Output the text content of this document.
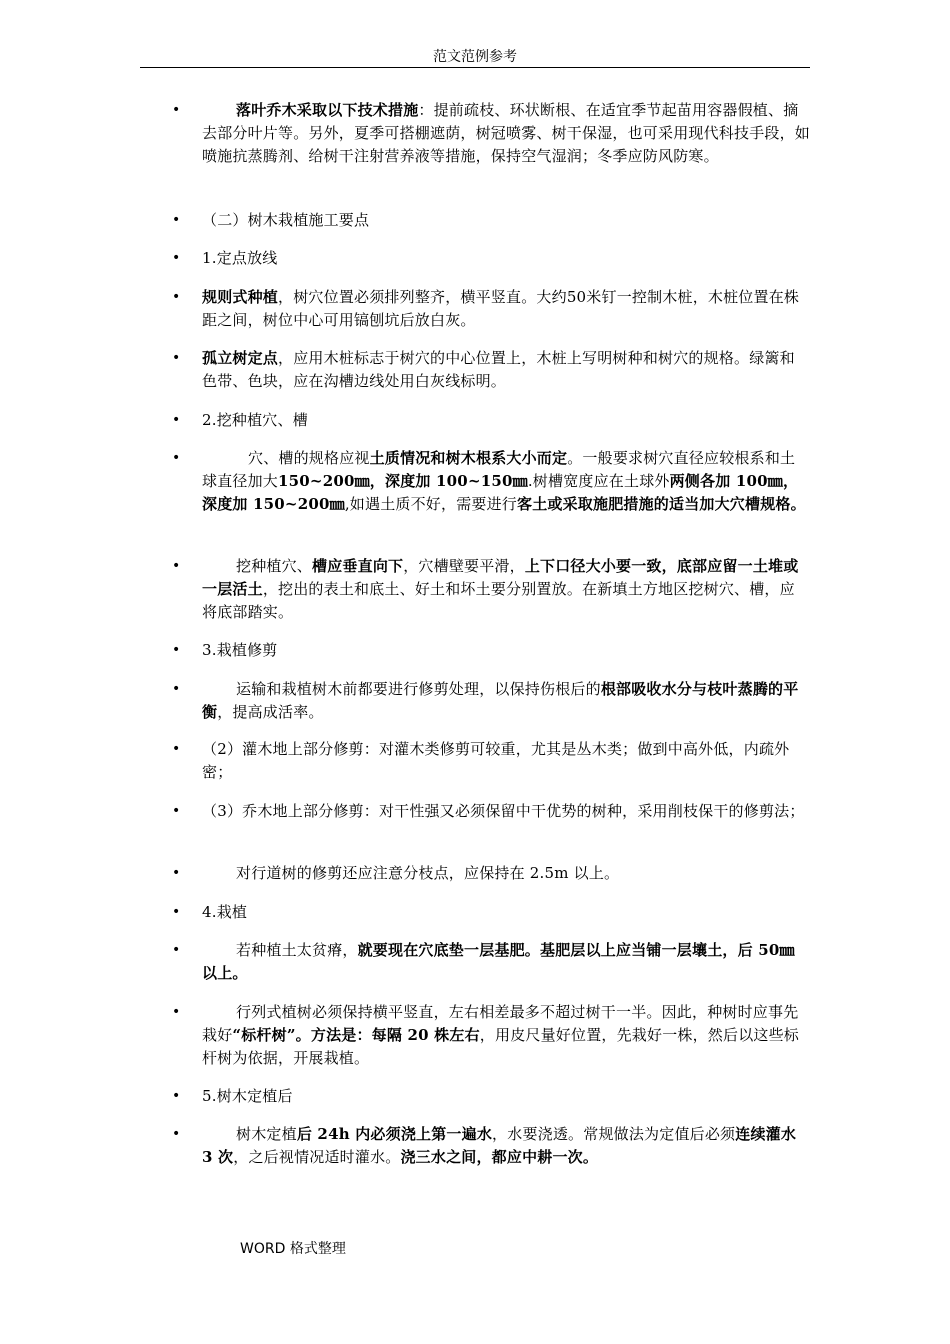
范文范例参考
•	落叶乔木采取以下技术措施：提前疏枝、环状断根、在适宜季节起苗用容器假植、摘去部分叶片等。另外，夏季可搭棚遮荫，树冠喷雾、树干保湿，也可采用现代科技手段，如喷施抗蒸腾剂、给树干注射营养液等措施，保持空气湿润；冬季应防风防寒。
• （二）树木栽植施工要点
• 1.定点放线
• 规则式种植，树穴位置必须排列整齐，横平竖直。大约50米钉一控制木桩，木桩位置在株距之间，树位中心可用镐刨坑后放白灰。
• 孤立树定点，应用木桩标志于树穴的中心位置上，木桩上写明树种和树穴的规格。绿篱和色带、色块，应在沟槽边线处用白灰线标明。
• 2.挖种植穴、槽
•	穴、槽的规格应视土质情况和树木根系大小而定。一般要求树穴直径应较根系和土球直径加大150~200㎜，深度加 100~150㎜.树槽宽度应在土球外两侧各加 100㎜，深度加 150~200㎜,如遇土质不好，需要进行客土或采取施肥措施的适当加大穴槽规格。
•	挖种植穴、槽应垂直向下，穴槽壁要平滑，上下口径大小要一致，底部应留一土堆或一层活土，挖出的表土和底土、好土和坏土要分别置放。在新填土方地区挖树穴、槽，应将底部踏实。
• 3.栽植修剪
•	运输和栽植树木前都要进行修剪处理，以保持伤根后的根部吸收水分与枝叶蒸腾的平衡，提高成活率。
• （2）灌木地上部分修剪：对灌木类修剪可较重，尤其是丛木类；做到中高外低，内疏外密；
• （3）乔木地上部分修剪：对干性强又必须保留中干优势的树种，采用削枝保干的修剪法；
•	对行道树的修剪还应注意分枝点，应保持在 2.5m 以上。
• 4.栽植
•	若种植土太贫瘠，就要现在穴底垫一层基肥。基肥层以上应当铺一层壤土，后 50㎜ 以上。
•	行列式植树必须保持横平竖直，左右相差最多不超过树干一半。因此，种树时应事先栽好“标杆树”。方法是：每隔 20 株左右，用皮尺量好位置，先栽好一株，然后以这些标杆树为依据，开展栽植。
• 5.树木定植后
•	树木定植后 24h 内必须浇上第一遍水，水要浇透。常规做法为定值后必须连续灌水 3 次，之后视情况适时灌水。浇三水之间，都应中耕一次。
WORD 格式整理
